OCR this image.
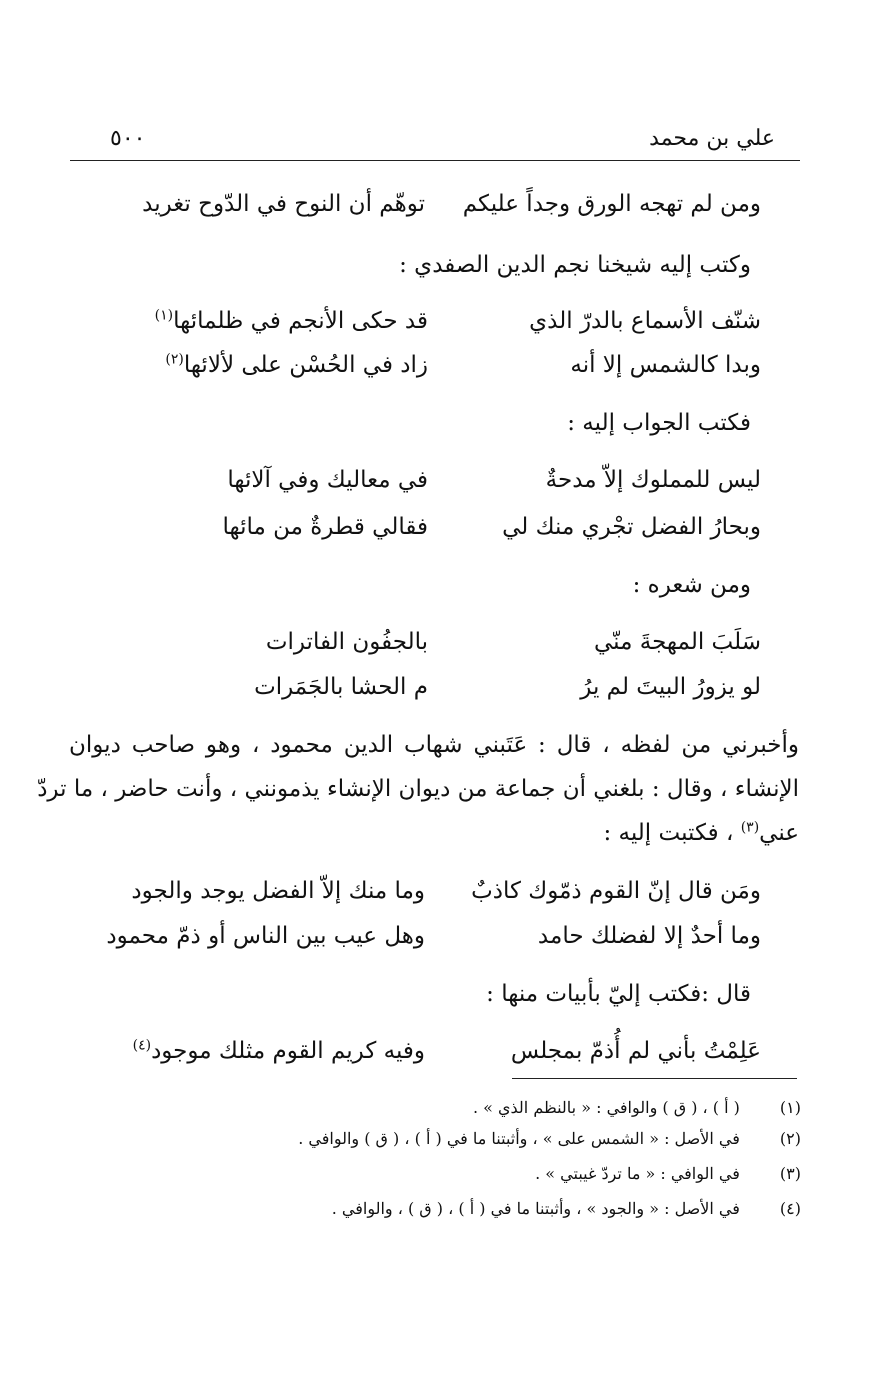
علي بن محمد
٥٠٠
ومن لم تهجه الورق وجداً عليكم
توهّم أن النوح في الدّوح تغريد
وكتب إليه شيخنا نجم الدين الصفدي :
شنّف الأسماع بالدرّ الذي
قد حكى الأنجم في ظلمائها$^{(١)}$
وبدا كالشمس إلا أنه
زاد في الحُسْن على لألائها$^{(٢)}$
فكتب الجواب إليه :
ليس للمملوك إلاّ مدحةٌ
في معاليك وفي آلائها
وبحارُ الفضل تجْري منك لي
فقالي قطرةٌ من مائها
ومن شعره :
سَلَبَ المهجةَ منّي
بالجفُون الفاترات
لو يزورُ البيتَ لم يرُ
م الحشا بالجَمَرات
وأخبرني من لفظه ، قال : عَتَبني شهاب الدين محمود ، وهو صاحب ديوان
الإنشاء ، وقال : بلغني أن جماعة من ديوان الإنشاء يذمونني ، وأنت حاضر ، ما تردّ
عني$^{(٣)}$ ، فكتبت إليه :
ومَن قال إنّ القوم ذمّوك كاذبٌ
وما منك إلاّ الفضل يوجد والجود
وما أحدٌ إلا لفضلك حامد
وهل عيب بين الناس أو ذمّ محمود
قال :فكتب إليّ بأبيات منها :
عَلِمْتُ بأني لم أُذمّ بمجلس
وفيه كريم القوم مثلك موجود$^{(٤)}$
(١) ( أ ) ، ( ق ) والوافي : « بالنظم الذي » .
(٢) في الأصل : « الشمس على » ، وأثبتنا ما في ( أ ) ، ( ق ) والوافي .
(٣) في الوافي : « ما تردّ غيبتي » .
(٤) في الأصل : « والجود » ، وأثبتنا ما في ( أ ) ، ( ق ) ، والوافي .
